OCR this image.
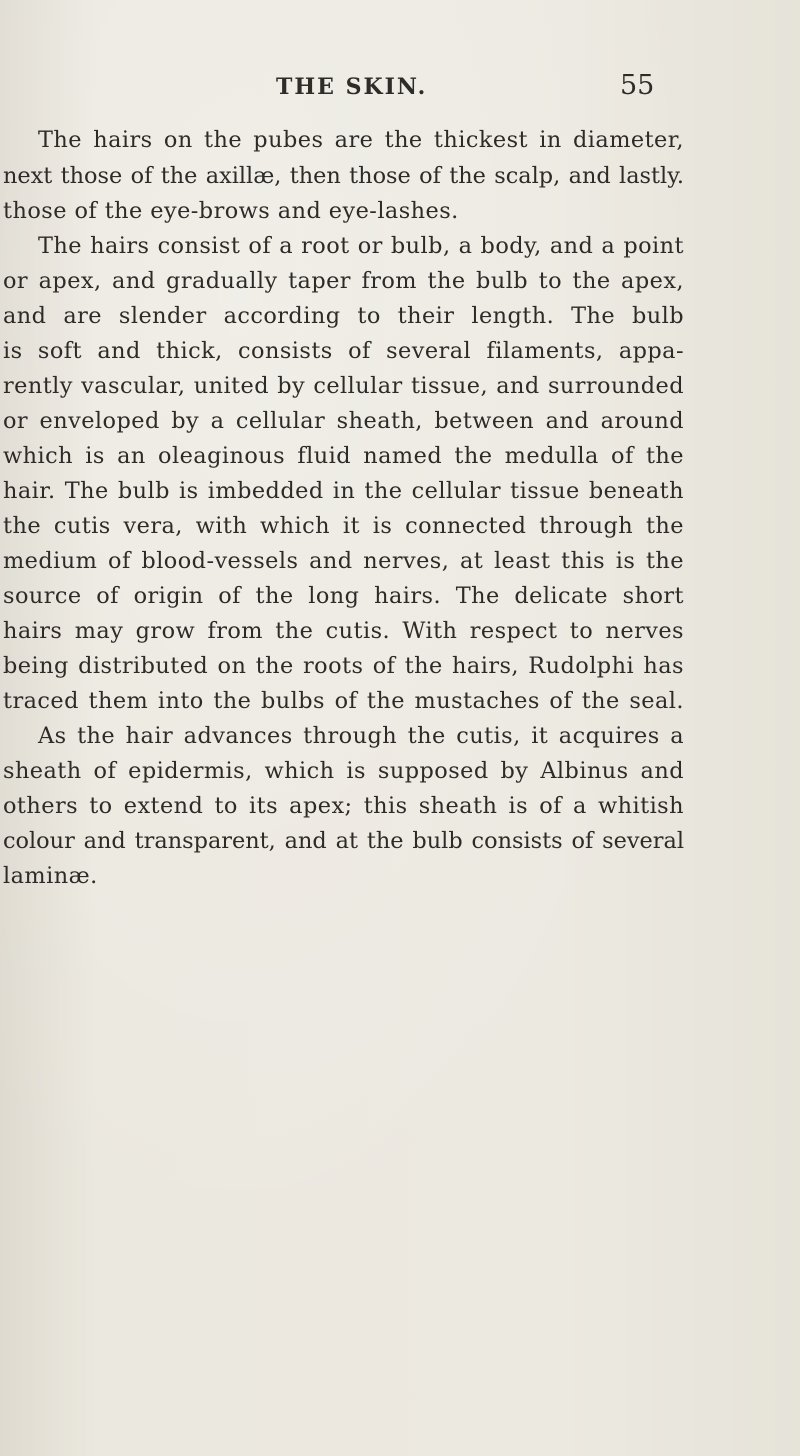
THE SKIN.	55
The hairs on the pubes are the thickest in diameter,
next those of the axillæ, then those of the scalp, and lastly.
those of the eye-brows and eye-lashes.
The hairs consist of a root or bulb, a body, and a point
or apex, and gradually taper from the bulb to the apex,
and are slender according to their length. The bulb
is soft and thick, consists of several filaments, appa-
rently vascular, united by cellular tissue, and surrounded
or enveloped by a cellular sheath, between and around
which is an oleaginous fluid named the medulla of the
hair. The bulb is imbedded in the cellular tissue beneath
the cutis vera, with which it is connected through the
medium of blood-vessels and nerves, at least this is the
source of origin of the long hairs. The delicate short
hairs may grow from the cutis. With respect to nerves
being distributed on the roots of the hairs, Rudolphi has
traced them into the bulbs of the mustaches of the seal.
As the hair advances through the cutis, it acquires a
sheath of epidermis, which is supposed by Albinus and
others to extend to its apex; this sheath is of a whitish
colour and transparent, and at the bulb consists of several
laminæ.
